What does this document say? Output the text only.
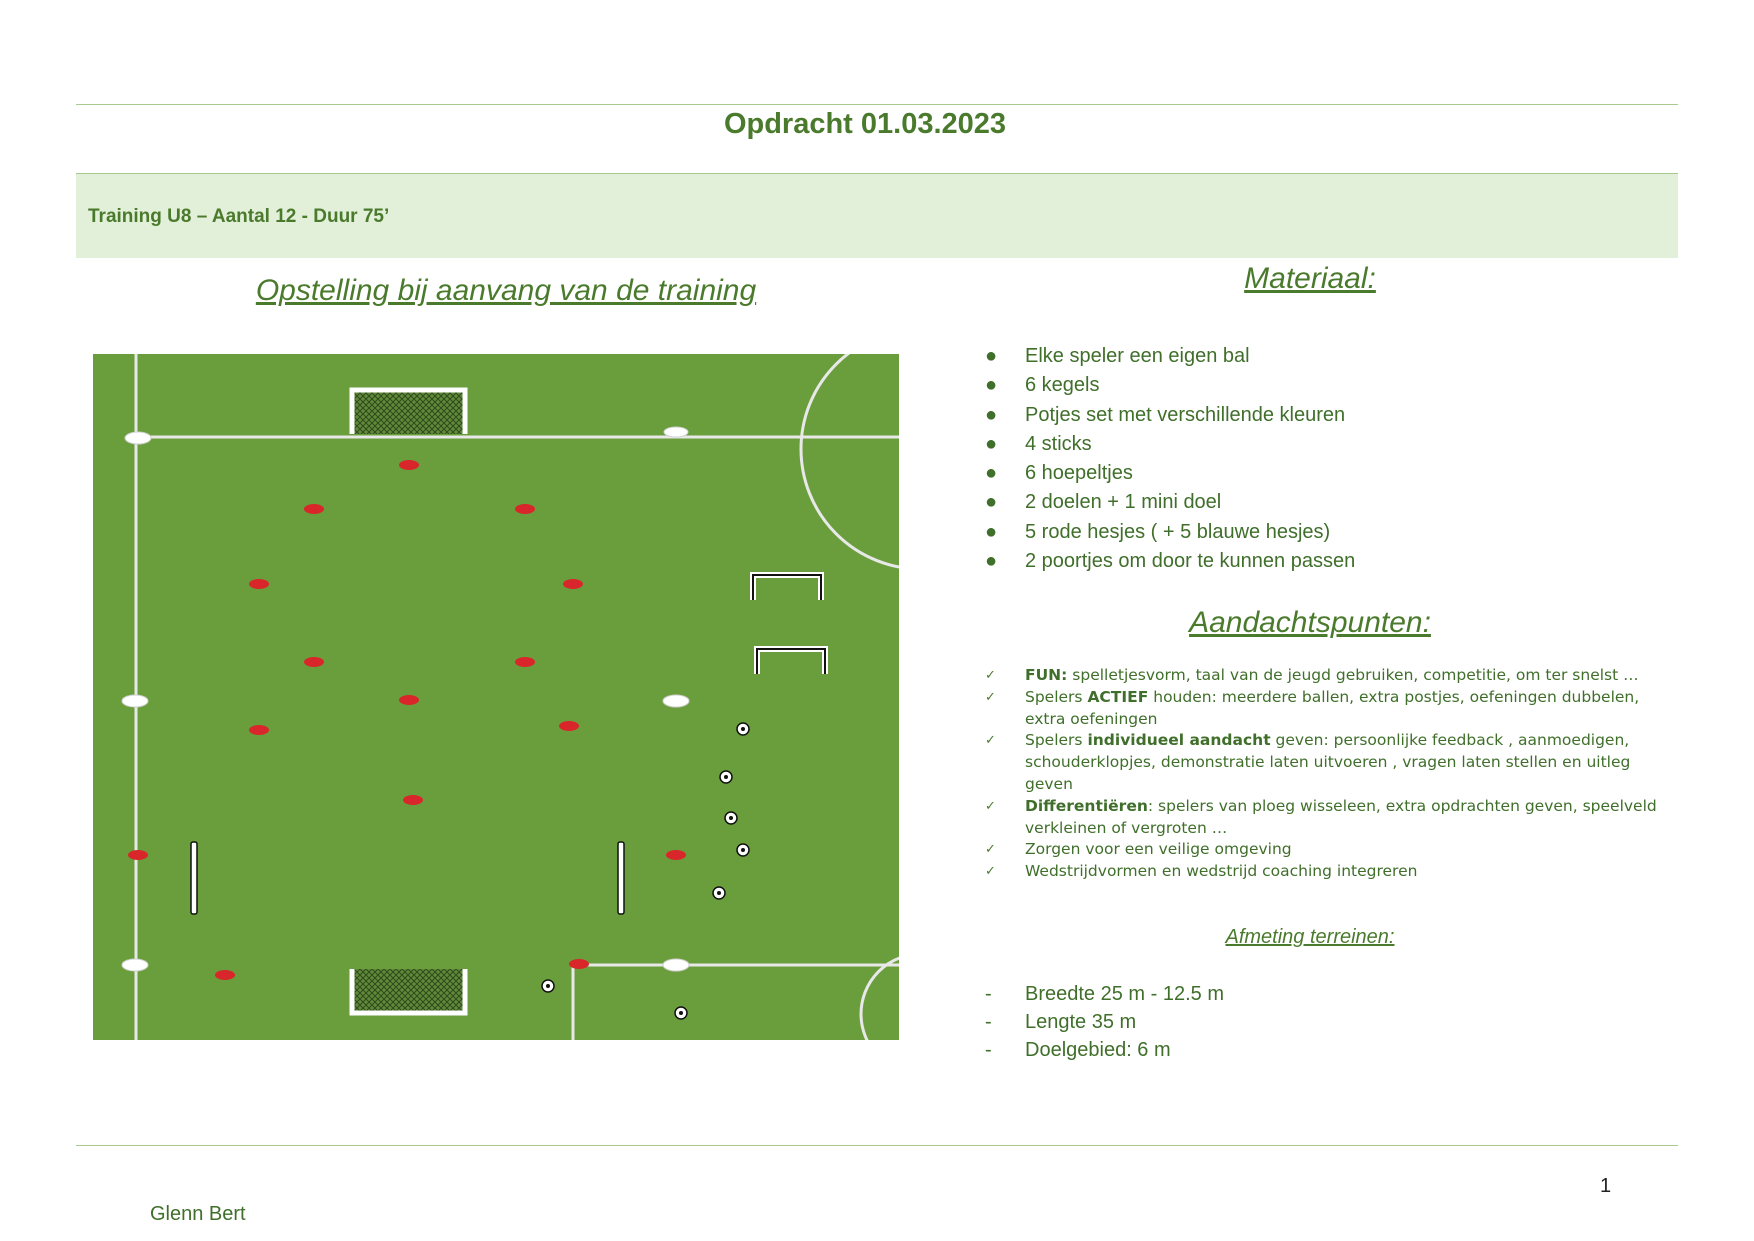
Opdracht 01.03.2023
Training U8 – Aantal 12 - Duur 75’
Opstelling bij aanvang van de training	Materiaal:
● Elke speler een eigen bal
● 6 kegels
● Potjes set met verschillende kleuren
● 4 sticks
● 6 hoepeltjes
● 2 doelen + 1 mini doel
● 5 rode hesjes ( + 5 blauwe hesjes)
● 2 poortjes om door te kunnen passen
Aandachtspunten:
✓ FUN: spelletjesvorm, taal van de jeugd gebruiken, competitie, om ter snelst …
✓ Spelers ACTIEF houden: meerdere ballen, extra postjes, oefeningen dubbelen, extra oefeningen
✓ Spelers individueel aandacht geven: persoonlijke feedback , aanmoedigen, schouderklopjes, demonstratie laten uitvoeren , vragen laten stellen en uitleg geven
✓ Differentiëren: spelers van ploeg wisseleen, extra opdrachten geven, speelveld verkleinen of vergroten …
✓ Zorgen voor een veilige omgeving
✓ Wedstrijdvormen en wedstrijd coaching integreren
Afmeting terreinen:
- Breedte 25 m - 12.5 m
- Lengte 35 m
- Doelgebied: 6 m
1
Glenn Bert
